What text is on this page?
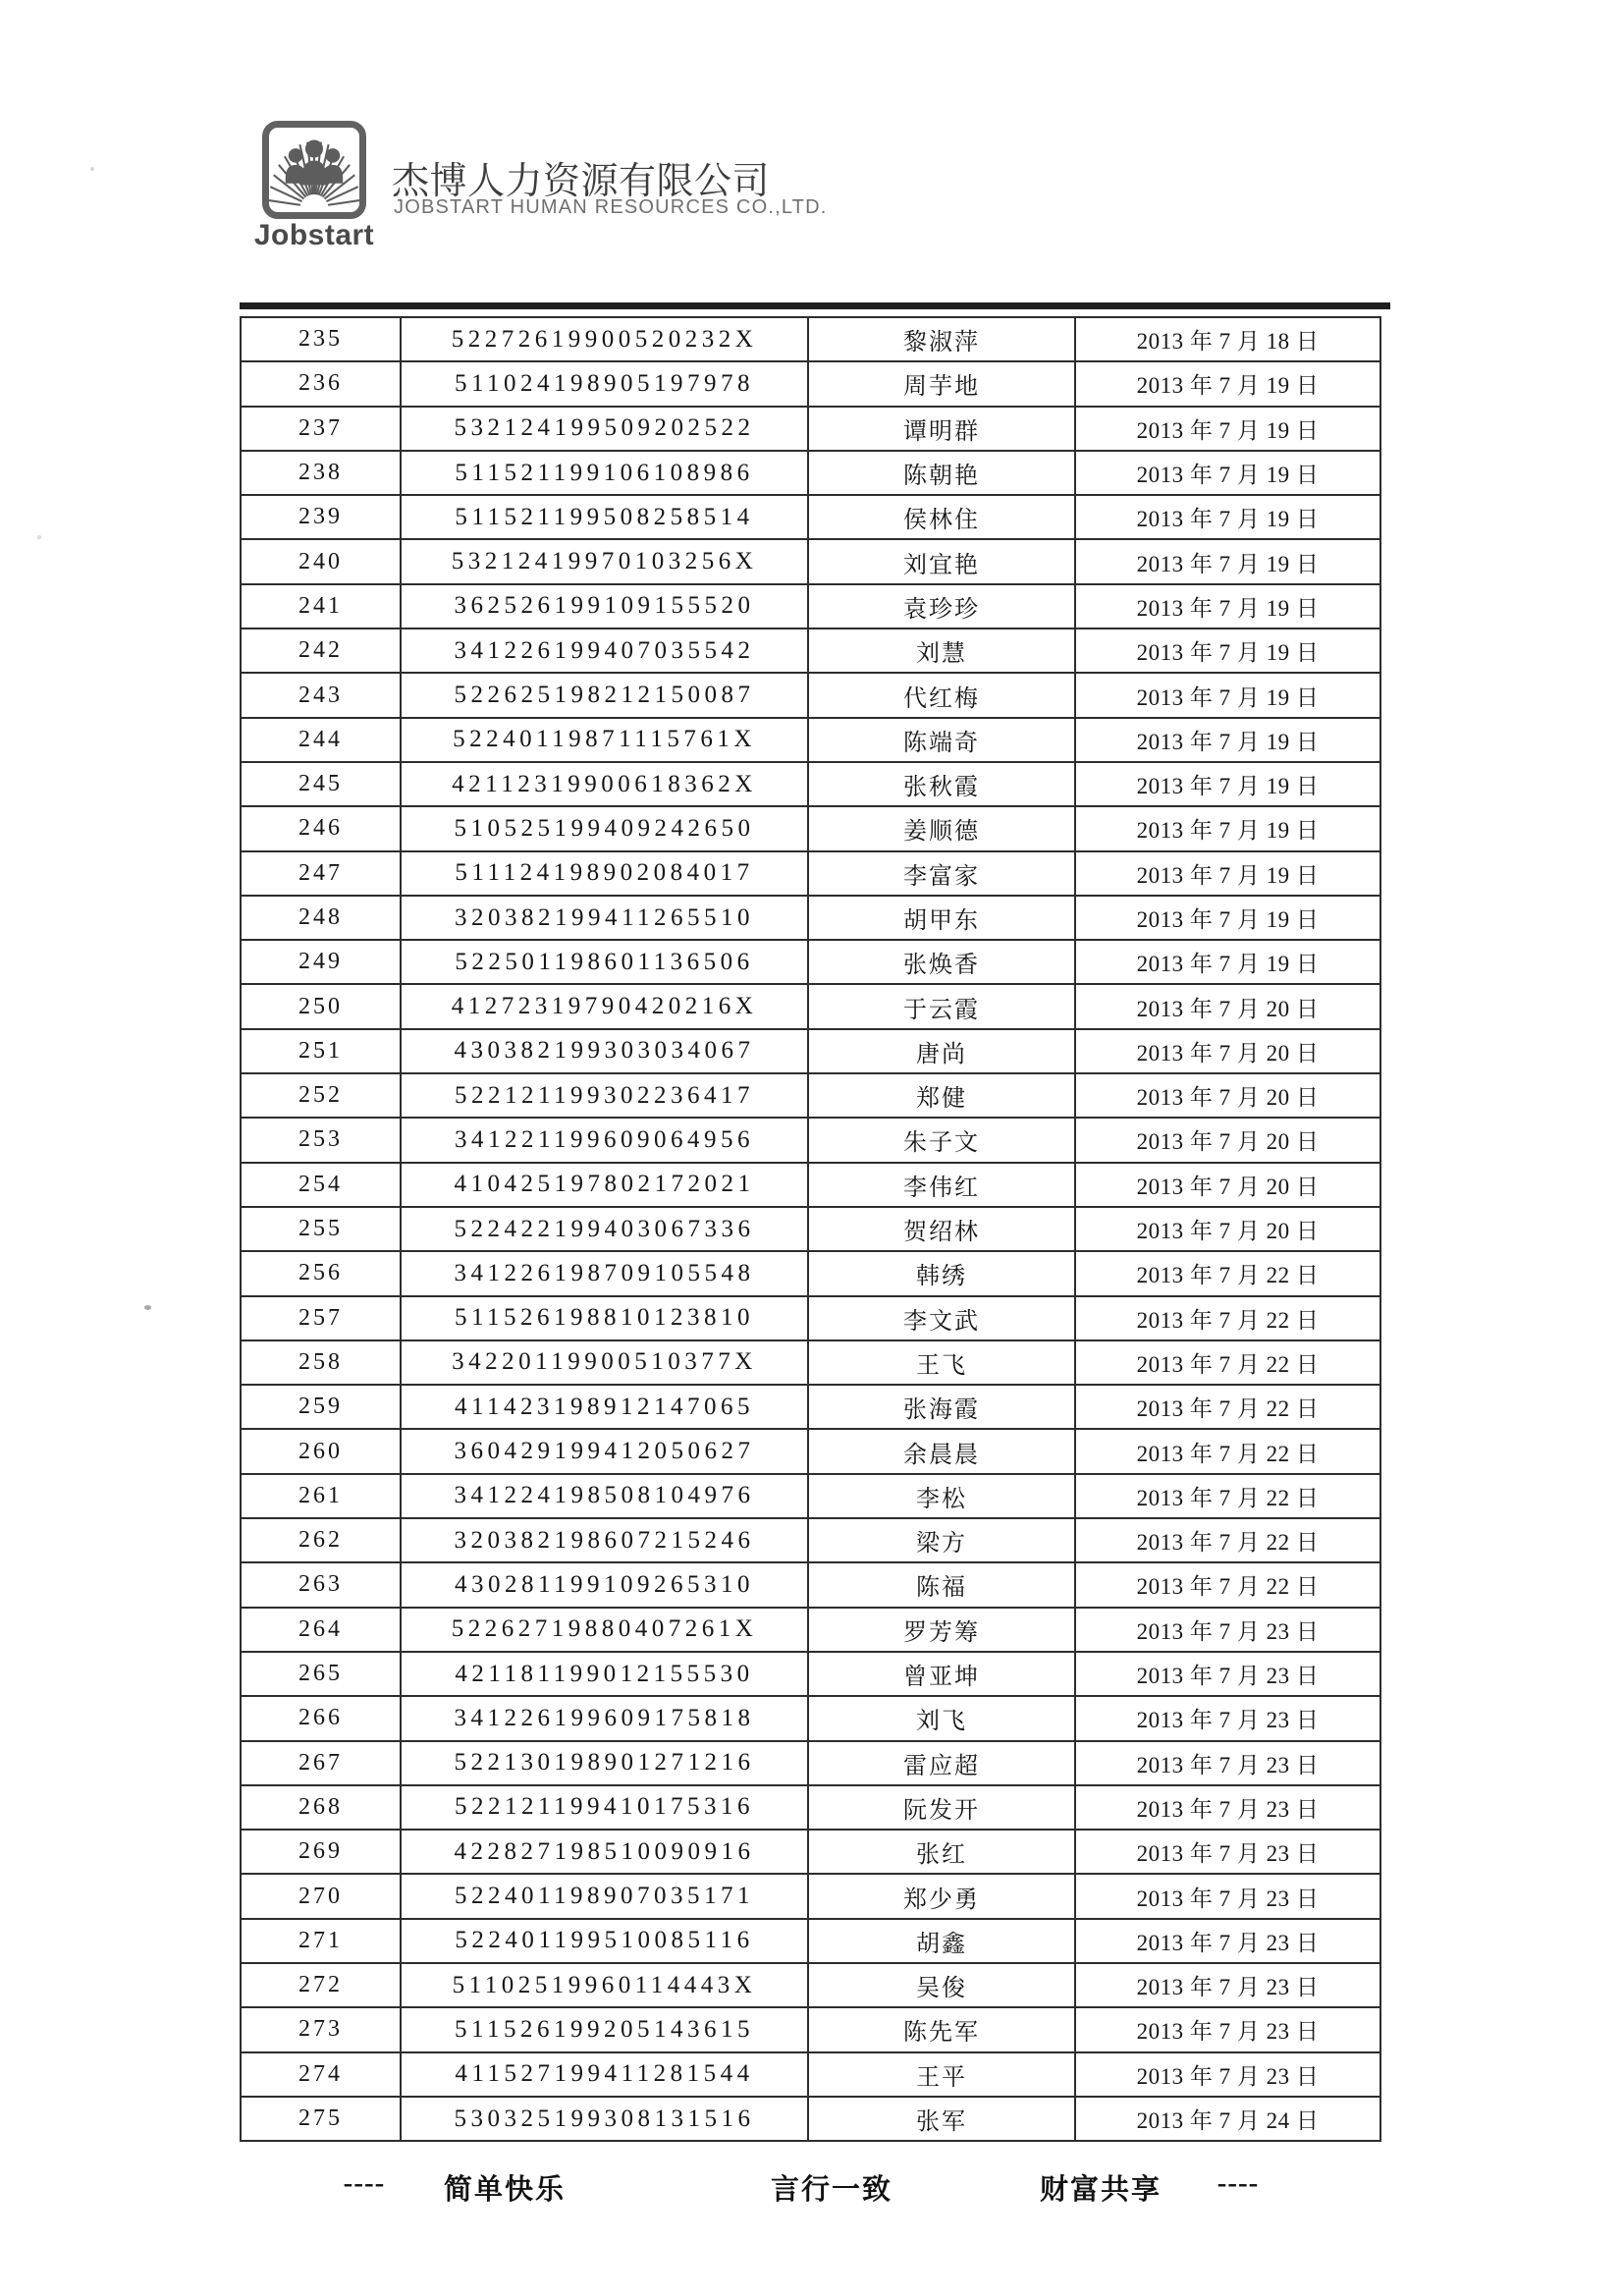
Jobstart
杰博人力资源有限公司
JOBSTART HUMAN RESOURCES CO.,LTD.
235	52272619900520232X	黎淑萍	2013 年 7 月 18 日
236	511024198905197978	周芋地	2013 年 7 月 19 日
237	532124199509202522	谭明群	2013 年 7 月 19 日
238	511521199106108986	陈朝艳	2013 年 7 月 19 日
239	511521199508258514	侯林住	2013 年 7 月 19 日
240	53212419970103256X	刘宜艳	2013 年 7 月 19 日
241	362526199109155520	袁珍珍	2013 年 7 月 19 日
242	341226199407035542	刘慧	2013 年 7 月 19 日
243	522625198212150087	代红梅	2013 年 7 月 19 日
244	52240119871115761X	陈端奇	2013 年 7 月 19 日
245	42112319900618362X	张秋霞	2013 年 7 月 19 日
246	510525199409242650	姜顺德	2013 年 7 月 19 日
247	511124198902084017	李富家	2013 年 7 月 19 日
248	320382199411265510	胡甲东	2013 年 7 月 19 日
249	522501198601136506	张焕香	2013 年 7 月 19 日
250	41272319790420216X	于云霞	2013 年 7 月 20 日
251	430382199303034067	唐尚	2013 年 7 月 20 日
252	522121199302236417	郑健	2013 年 7 月 20 日
253	341221199609064956	朱子文	2013 年 7 月 20 日
254	410425197802172021	李伟红	2013 年 7 月 20 日
255	522422199403067336	贺绍林	2013 年 7 月 20 日
256	341226198709105548	韩绣	2013 年 7 月 22 日
257	511526198810123810	李文武	2013 年 7 月 22 日
258	34220119900510377X	王飞	2013 年 7 月 22 日
259	411423198912147065	张海霞	2013 年 7 月 22 日
260	360429199412050627	余晨晨	2013 年 7 月 22 日
261	341224198508104976	李松	2013 年 7 月 22 日
262	320382198607215246	梁方	2013 年 7 月 22 日
263	430281199109265310	陈福	2013 年 7 月 22 日
264	52262719880407261X	罗芳筹	2013 年 7 月 23 日
265	421181199012155530	曾亚坤	2013 年 7 月 23 日
266	341226199609175818	刘飞	2013 年 7 月 23 日
267	522130198901271216	雷应超	2013 年 7 月 23 日
268	522121199410175316	阮发开	2013 年 7 月 23 日
269	422827198510090916	张红	2013 年 7 月 23 日
270	522401198907035171	郑少勇	2013 年 7 月 23 日
271	522401199510085116	胡鑫	2013 年 7 月 23 日
272	51102519960114443X	吴俊	2013 年 7 月 23 日
273	511526199205143615	陈先军	2013 年 7 月 23 日
274	411527199411281544	王平	2013 年 7 月 23 日
275	530325199308131516	张军	2013 年 7 月 24 日
---- 简单快乐	言行一致	财富共享 ----
